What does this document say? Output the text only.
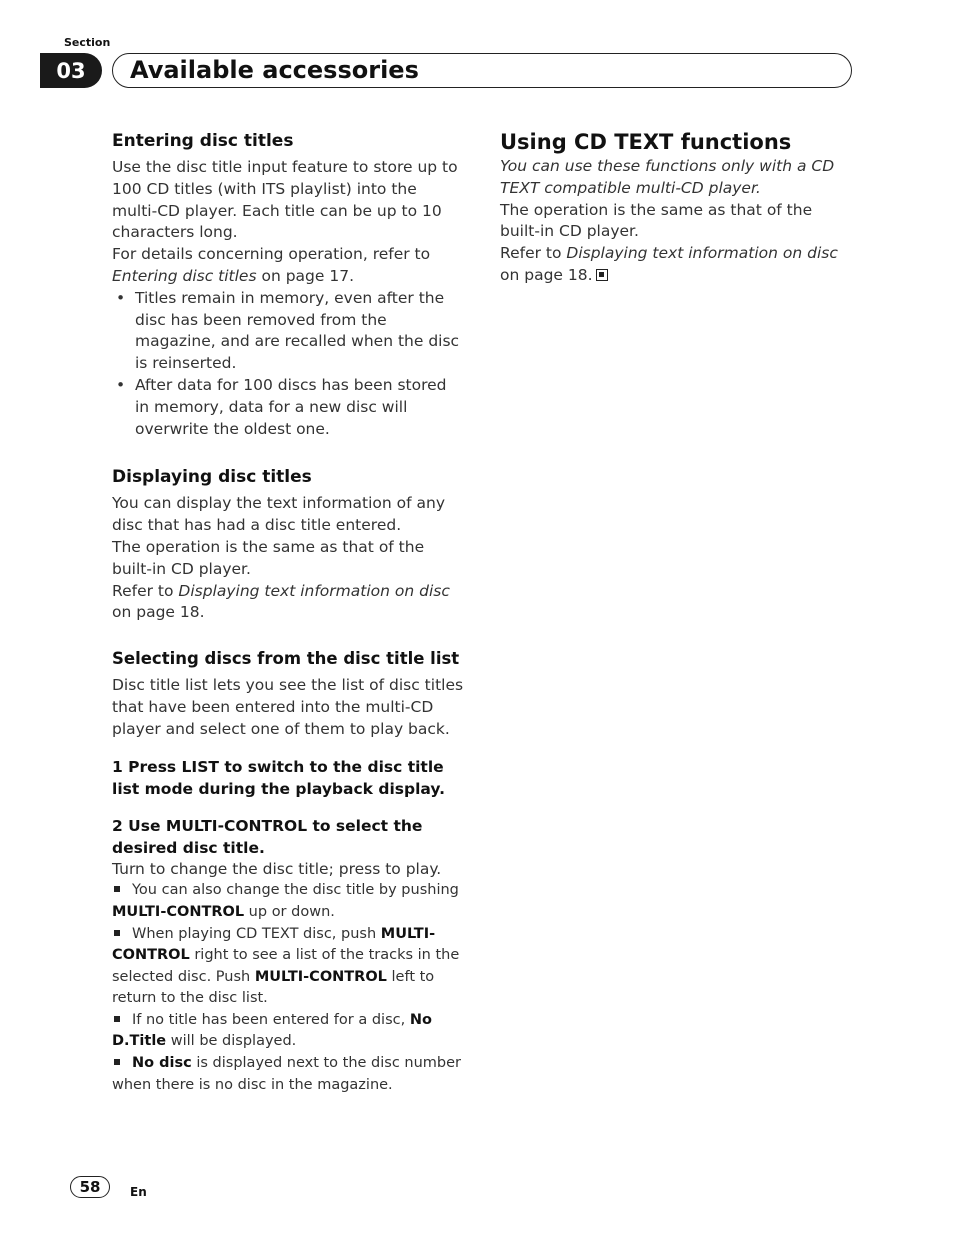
Section
03	Available accessories

Entering disc titles

Use the disc title input feature to store up to 100 CD titles (with ITS playlist) into the multi-CD player. Each title can be up to 10 characters long.

For details concerning operation, refer to Entering disc titles on page 17.

• Titles remain in memory, even after the disc has been removed from the magazine, and are recalled when the disc is reinserted.

• After data for 100 discs has been stored in memory, data for a new disc will overwrite the oldest one.

Displaying disc titles

You can display the text information of any disc that has had a disc title entered.

The operation is the same as that of the built-in CD player.

Refer to Displaying text information on disc on page 18.

Selecting discs from the disc title list

Disc title list lets you see the list of disc titles that have been entered into the multi-CD player and select one of them to play back.

1 Press LIST to switch to the disc title list mode during the playback display.

2 Use MULTI-CONTROL to select the desired disc title.

Turn to change the disc title; press to play.

You can also change the disc title by pushing MULTI-CONTROL up or down.

When playing CD TEXT disc, push MULTI-CONTROL right to see a list of the tracks in the selected disc. Push MULTI-CONTROL left to return to the disc list.

If no title has been entered for a disc, No D.Title will be displayed.

No disc is displayed next to the disc number when there is no disc in the magazine.

Using CD TEXT functions

You can use these functions only with a CD TEXT compatible multi-CD player.

The operation is the same as that of the built-in CD player.

Refer to Displaying text information on disc on page 18.

58	En
